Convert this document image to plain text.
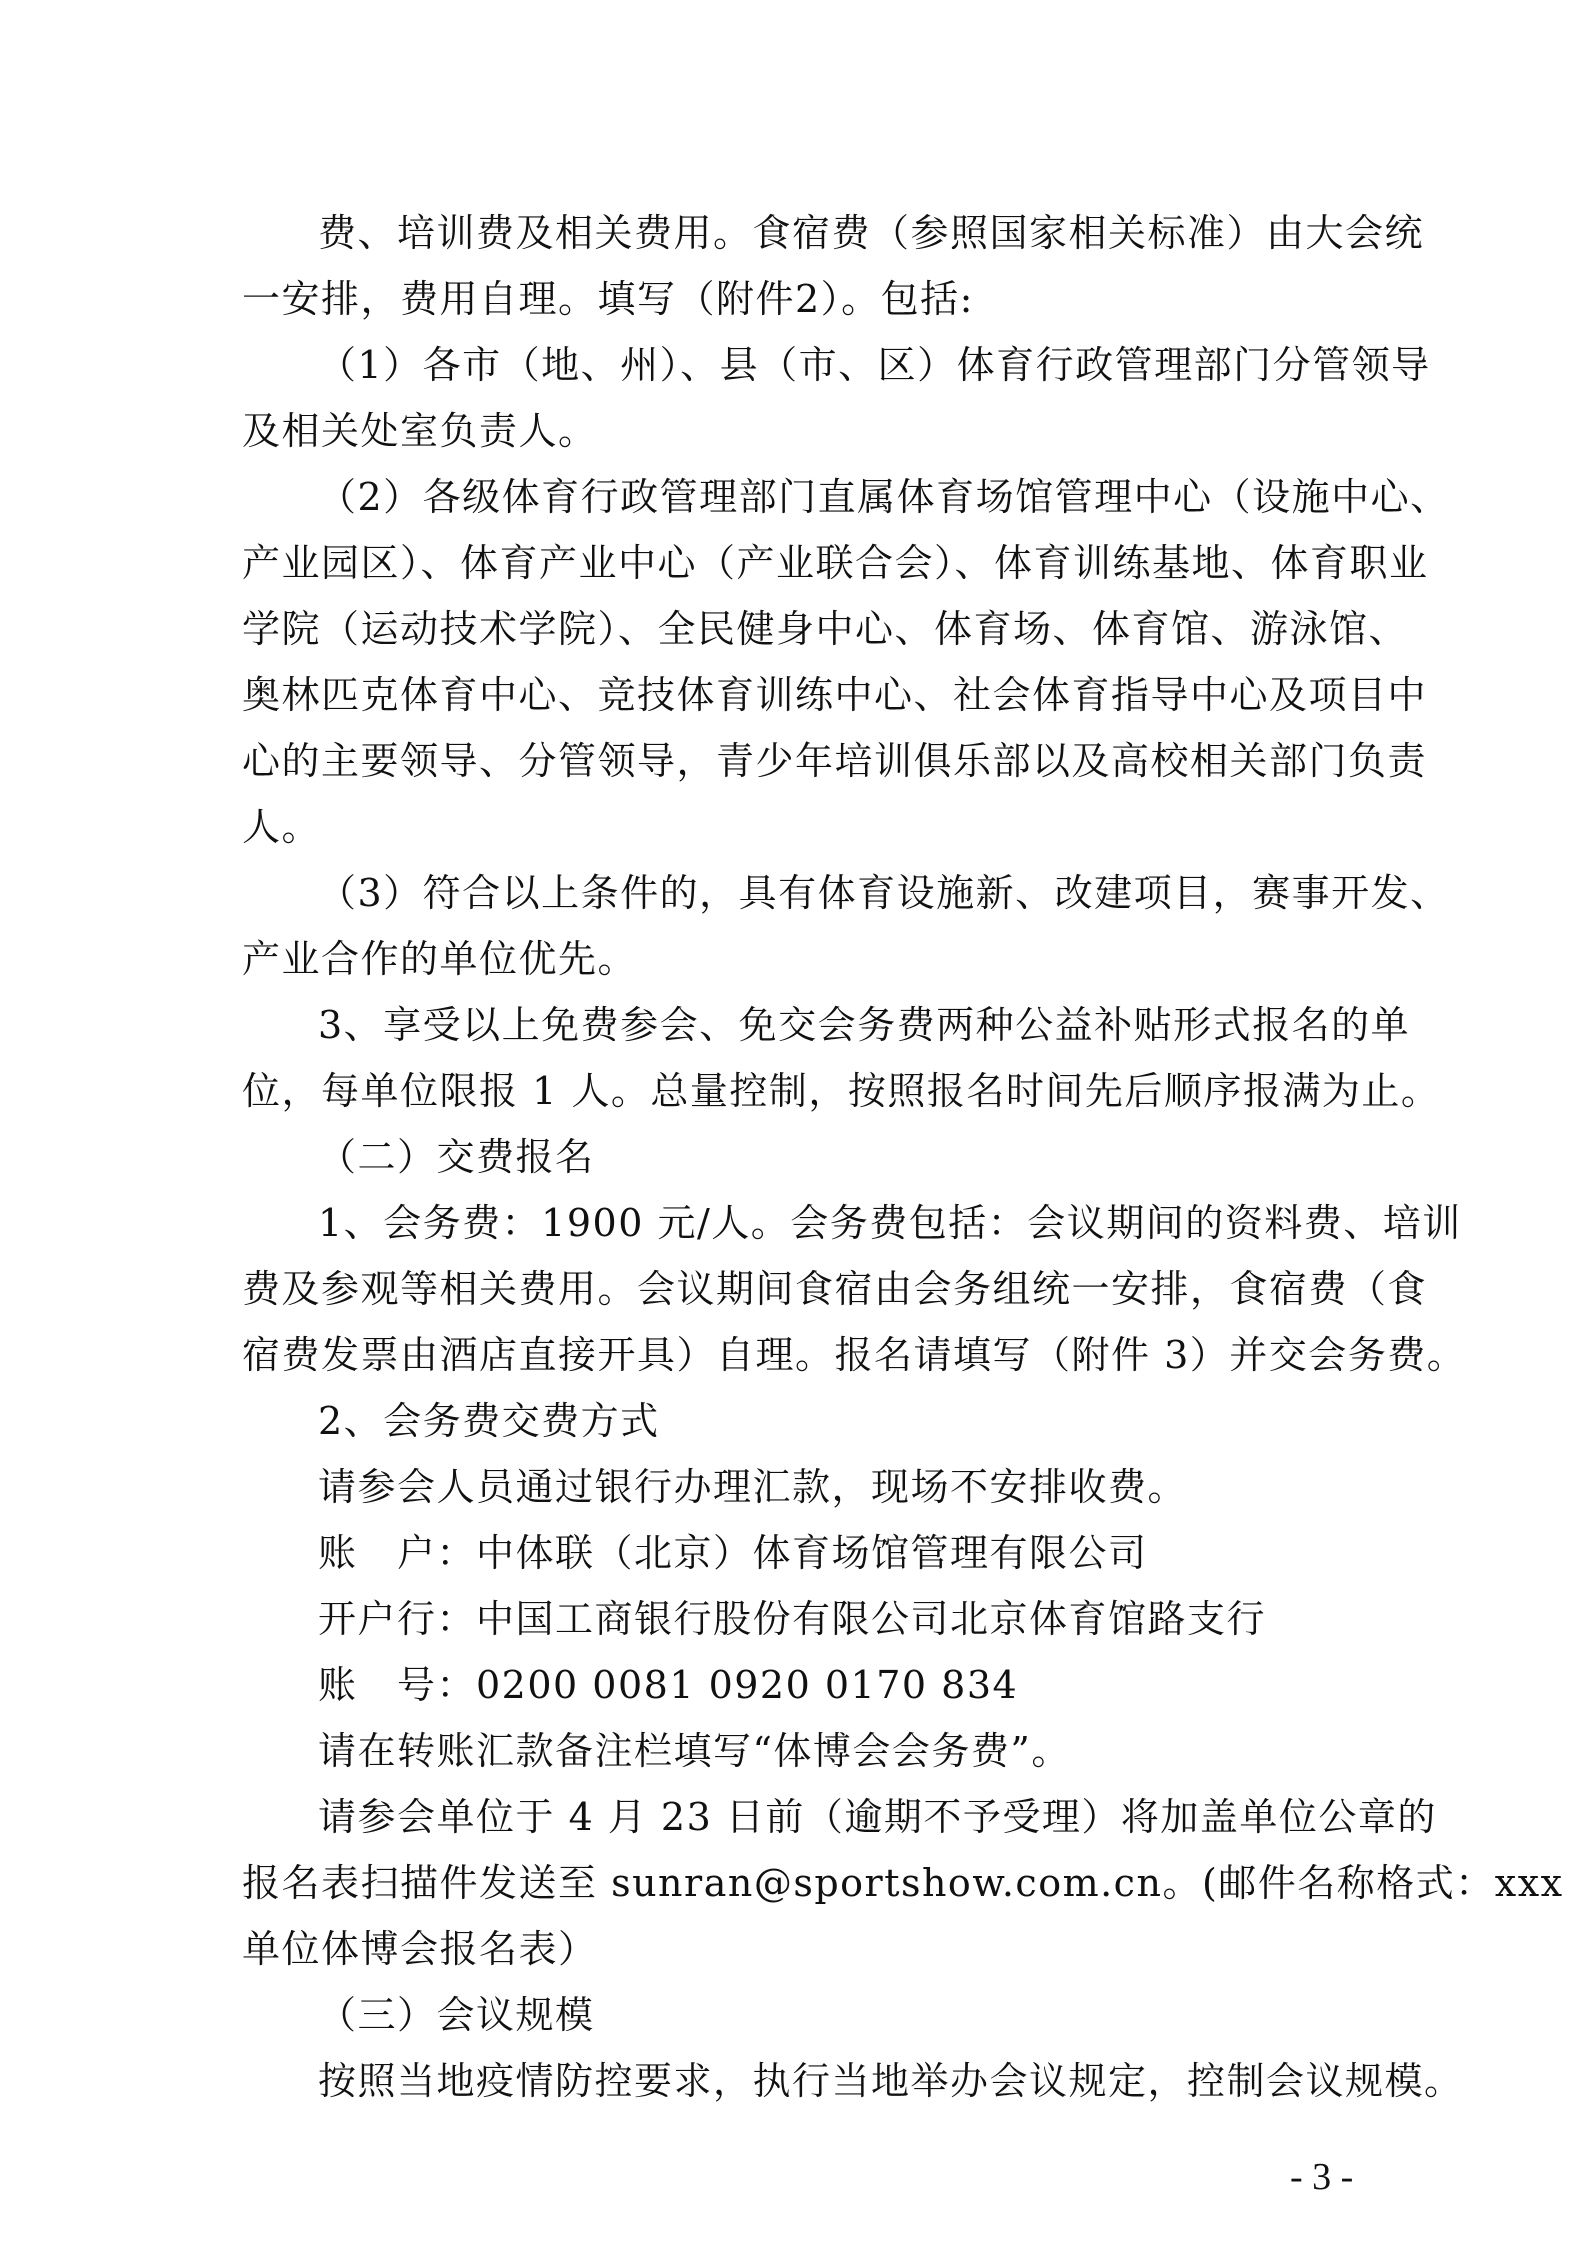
费、培训费及相关费用。食宿费（参照国家相关标准）由大会统
一安排，费用自理。填写（附件2）。包括:
（1）各市（地、州）、县（市、区）体育行政管理部门分管领导
及相关处室负责人。
（2）各级体育行政管理部门直属体育场馆管理中心（设施中心、
产业园区）、体育产业中心（产业联合会）、体育训练基地、体育职业
学院（运动技术学院）、全民健身中心、体育场、体育馆、游泳馆、
奥林匹克体育中心、竞技体育训练中心、社会体育指导中心及项目中
心的主要领导、分管领导，青少年培训俱乐部以及高校相关部门负责
人。
（3）符合以上条件的，具有体育设施新、改建项目，赛事开发、
产业合作的单位优先。
3、享受以上免费参会、免交会务费两种公益补贴形式报名的单
位，每单位限报 1 人。总量控制，按照报名时间先后顺序报满为止。
（二）交费报名
1、会务费：1900 元/人。会务费包括：会议期间的资料费、培训
费及参观等相关费用。会议期间食宿由会务组统一安排，食宿费（食
宿费发票由酒店直接开具）自理。报名请填写（附件 3）并交会务费。
2、会务费交费方式
请参会人员通过银行办理汇款，现场不安排收费。
账　户：中体联（北京）体育场馆管理有限公司
开户行：中国工商银行股份有限公司北京体育馆路支行
账　号：0200 0081 0920 0170 834
请在转账汇款备注栏填写“体博会会务费”。
请参会单位于 4 月 23 日前（逾期不予受理）将加盖单位公章的
报名表扫描件发送至 sunran@sportshow.com.cn。(邮件名称格式：xxx
单位体博会报名表）
（三）会议规模
按照当地疫情防控要求，执行当地举办会议规定，控制会议规模。
- 3 -
